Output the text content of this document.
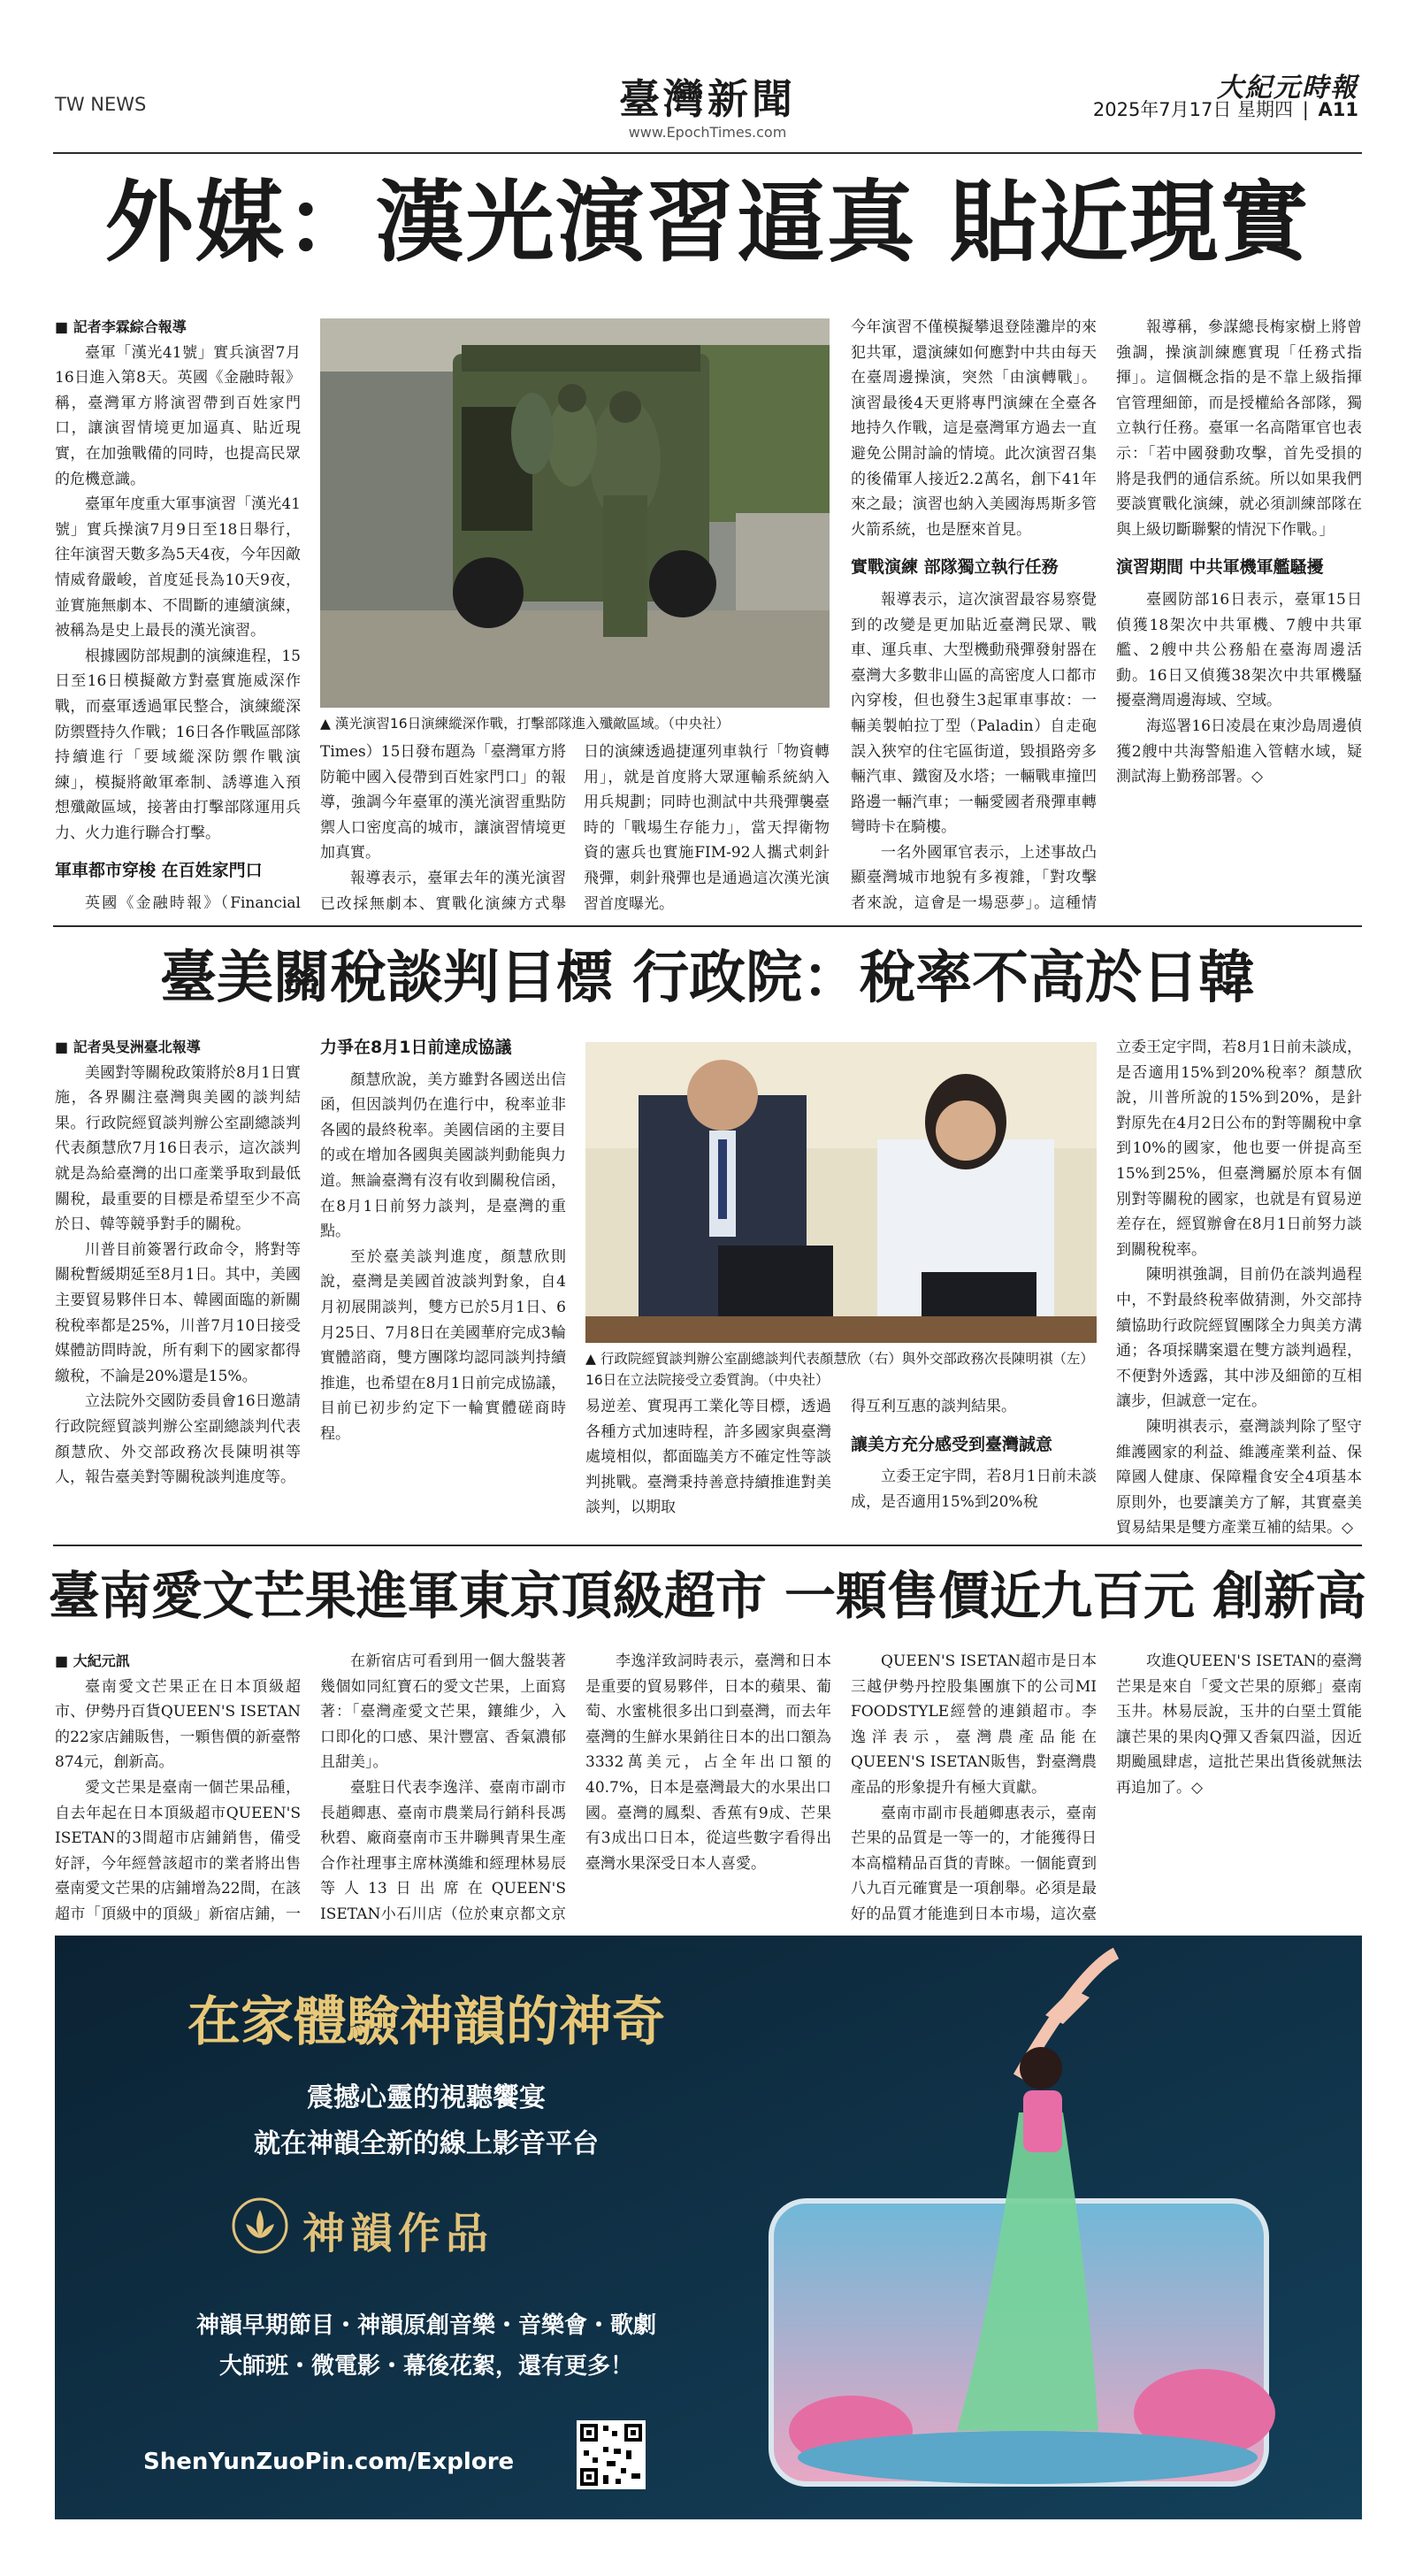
TW NEWS	臺灣新聞
www.EpochTimes.com
大紀元時報
2025年7月17日 星期四 | A11
外媒：漢光演習逼真 貼近現實

■ 記者李霖綜合報導

臺軍「漢光41號」實兵演習7月16日進入第8天。英國《金融時報》稱，臺灣軍方將演習帶到百姓家門口，讓演習情境更加逼真、貼近現實，在加強戰備的同時，也提高民眾的危機意識。

臺軍年度重大軍事演習「漢光41號」實兵操演7月9日至18日舉行，往年演習天數多為5天4夜，今年因敵情威脅嚴峻，首度延長為10天9夜，並實施無劇本、不間斷的連續演練，被稱為是史上最長的漢光演習。

根據國防部規劃的演練進程，15日至16日模擬敵方對臺實施威深作戰，而臺軍透過軍民整合，演練縱深防禦暨持久作戰；16日各作戰區部隊持續進行「要域縱深防禦作戰演練」，模擬將敵軍牽制、誘導進入預想殲敵區域，接著由打擊部隊運用兵力、火力進行聯合打擊。

軍車都市穿梭 在百姓家門口

英國《金融時報》（Financial

▲ 漢光演習16日演練縱深作戰，打擊部隊進入殲敵區域。（中央社）

Times）15日發布題為「臺灣軍方將防範中國入侵帶到百姓家門口」的報導，強調今年臺軍的漢光演習重點防禦人口密度高的城市，讓演習情境更加真實。

報導表示，臺軍去年的漢光演習已改採無劇本、實戰化演練方式舉

日的演練透過捷運列車執行「物資轉用」，就是首度將大眾運輸系統納入用兵規劃；同時也測試中共飛彈襲臺時的「戰場生存能力」，當天捍衛物資的憲兵也實施FIM-92人攜式刺針飛彈，刺針飛彈也是通過這次漢光演習首度曝光。

今年演習不僅模擬攀退登陸灘岸的來犯共軍，還演練如何應對中共由每天在臺周邊操演，突然「由演轉戰」。演習最後4天更將專門演練在全臺各地持久作戰，這是臺灣軍方過去一直避免公開討論的情境。此次演習召集的後備軍人接近2.2萬名，創下41年來之最；演習也納入美國海馬斯多管火箭系統，也是歷來首見。

實戰演練 部隊獨立執行任務

報導表示，這次演習最容易察覺到的改變是更加貼近臺灣民眾、戰車、運兵車、大型機動飛彈發射器在臺灣大多數非山區的高密度人口都市內穿梭，但也發生3起軍車事故：一輛美製帕拉丁型（Paladin）自走砲誤入狹窄的住宅區街道，毀損路旁多輛汽車、鐵窗及水塔；一輛戰車撞凹路邊一輛汽車；一輛愛國者飛彈車轉彎時卡在騎樓。

一名外國軍官表示，上述事故凸顯臺灣城市地貌有多複雜，「對攻擊者來說，這會是一場惡夢」。這種情

報導稱，參謀總長梅家樹上將曾強調，操演訓練應實現「任務式指揮」。這個概念指的是不靠上級指揮官管理細節，而是授權給各部隊，獨立執行任務。臺軍一名高階軍官也表示：「若中國發動攻擊，首先受損的將是我們的通信系統。所以如果我們要談實戰化演練，就必須訓練部隊在與上級切斷聯繫的情況下作戰。」

演習期間 中共軍機軍艦騷擾

臺國防部16日表示，臺軍15日偵獲18架次中共軍機、7艘中共軍艦、2艘中共公務船在臺海周邊活動。16日又偵獲38架次中共軍機騷擾臺灣周邊海域、空域。

海巡署16日凌晨在東沙島周邊偵獲2艘中共海警船進入管轄水域，疑測試海上勤務部署。◇

臺美關稅談判目標 行政院：稅率不高於日韓

■ 記者吳旻洲臺北報導

美國對等關稅政策將於8月1日實施，各界關注臺灣與美國的談判結果。行政院經貿談判辦公室副總談判代表顏慧欣7月16日表示，這次談判就是為給臺灣的出口產業爭取到最低關稅，最重要的目標是希望至少不高於日、韓等競爭對手的關稅。

川普目前簽署行政命令，將對等關稅暫緩期延至8月1日。其中，美國主要貿易夥伴日本、韓國面臨的新關稅稅率都是25%，川普7月10日接受媒體訪問時說，所有剩下的國家都得繳稅，不論是20%還是15%。

立法院外交國防委員會16日邀請行政院經貿談判辦公室副總談判代表顏慧欣、外交部政務次長陳明祺等人，報告臺美對等關稅談判進度等。

力爭在8月1日前達成協議

顏慧欣說，美方雖對各國送出信函，但因談判仍在進行中，稅率並非各國的最終稅率。美國信函的主要目的或在增加各國與美國談判動能與力道。無論臺灣有沒有收到關稅信函，在8月1日前努力談判，是臺灣的重點。

至於臺美談判進度，顏慧欣則說，臺灣是美國首波談判對象，自4月初展開談判，雙方已於5月1日、6月25日、7月8日在美國華府完成3輪實體諮商，雙方團隊均認同談判持續推進，也希望在8月1日前完成協議，目前已初步約定下一輪實體磋商時程。

▲ 行政院經貿談判辦公室副總談判代表顏慧欣（右）與外交部政務次長陳明祺（左）16日在立法院接受立委質詢。（中央社）

易逆差、實現再工業化等目標，透過各種方式加速時程，許多國家與臺灣處境相似，都面臨美方不確定性等談判挑戰。臺灣秉持善意持續推進對美談判，以期取

得互利互惠的談判結果。

讓美方充分感受到臺灣誠意

立委王定宇問，若8月1日前未談成，是否適用15%到20%稅

立委王定宇問，若8月1日前未談成，是否適用15%到20%稅率？顏慧欣說，川普所說的15%到20%，是針對原先在4月2日公布的對等關稅中拿到10%的國家，他也要一併提高至15%到25%，但臺灣屬於原本有個別對等關稅的國家，也就是有貿易逆差存在，經貿辦會在8月1日前努力談到關稅稅率。

陳明祺強調，目前仍在談判過程中，不對最終稅率做猜測，外交部持續協助行政院經貿團隊全力與美方溝通；各項採購案還在雙方談判過程，不便對外透露，其中涉及細節的互相讓步，但誠意一定在。

陳明祺表示，臺灣談判除了堅守維護國家的利益、維護產業利益、保障國人健康、保障糧食安全4項基本原則外，也要讓美方了解，其實臺美貿易結果是雙方產業互補的結果。◇

臺南愛文芒果進軍東京頂級超市 一顆售價近九百元 創新高

■ 大紀元訊

臺南愛文芒果正在日本頂級超市、伊勢丹百貨QUEEN'S ISETAN的22家店鋪販售，一顆售價的新臺幣874元，創新高。

愛文芒果是臺南一個芒果品種，自去年起在日本頂級超市QUEEN'S ISETAN的3間超市店鋪銷售，備受好評，今年經營該超市的業者將出售臺南愛文芒果的店鋪增為22間，在該超市「頂級中的頂級」新宿店鋪，一

在新宿店可看到用一個大盤裝著幾個如同紅寶石的愛文芒果，上面寫著：「臺灣產愛文芒果，鑲維少，入口即化的口感、果汁豐富、香氣濃郁且甜美」。

臺駐日代表李逸洋、臺南市副市長趙卿惠、臺南市農業局行銷科長馮秋碧、廠商臺南市玉井聯興青果生產合作社理事主席林漢維和經理林易辰等人13日出席在QUEEN'S ISETAN小石川店（位於東京都文京

李逸洋致詞時表示，臺灣和日本是重要的貿易夥伴，日本的蘋果、葡萄、水蜜桃很多出口到臺灣，而去年臺灣的生鮮水果銷往日本的出口額為3332萬美元，占全年出口額的40.7%，日本是臺灣最大的水果出口國。臺灣的鳳梨、香蕉有9成、芒果有3成出口日本，從這些數字看得出臺灣水果深受日本人喜愛。

QUEEN'S ISETAN超市是日本三越伊勢丹控股集團旗下的公司MI FOODSTYLE經營的連鎖超市。李逸洋表示，臺灣農產品能在QUEEN'S ISETAN販售，對臺灣農產品的形象提升有極大貢獻。

臺南市副市長趙卿惠表示，臺南芒果的品質是一等一的，才能獲得日本高檔精品百貨的青睞。一個能賣到八九百元確實是一項創舉。必須是最好的品質才能進到日本市場，這次臺

攻進QUEEN'S ISETAN的臺灣芒果是來自「愛文芒果的原鄉」臺南玉井。林易辰說，玉井的白堊土質能讓芒果的果肉Q彈又香氣四溢，因近期颱風肆虐，這批芒果出貨後就無法再追加了。◇

在家體驗神韻的神奇
震撼心靈的視聽饗宴
就在神韻全新的線上影音平台
神韻作品
神韻早期節目・神韻原創音樂・音樂會・歌劇
大師班・微電影・幕後花絮，還有更多！
ShenYunZuoPin.com/Explore
